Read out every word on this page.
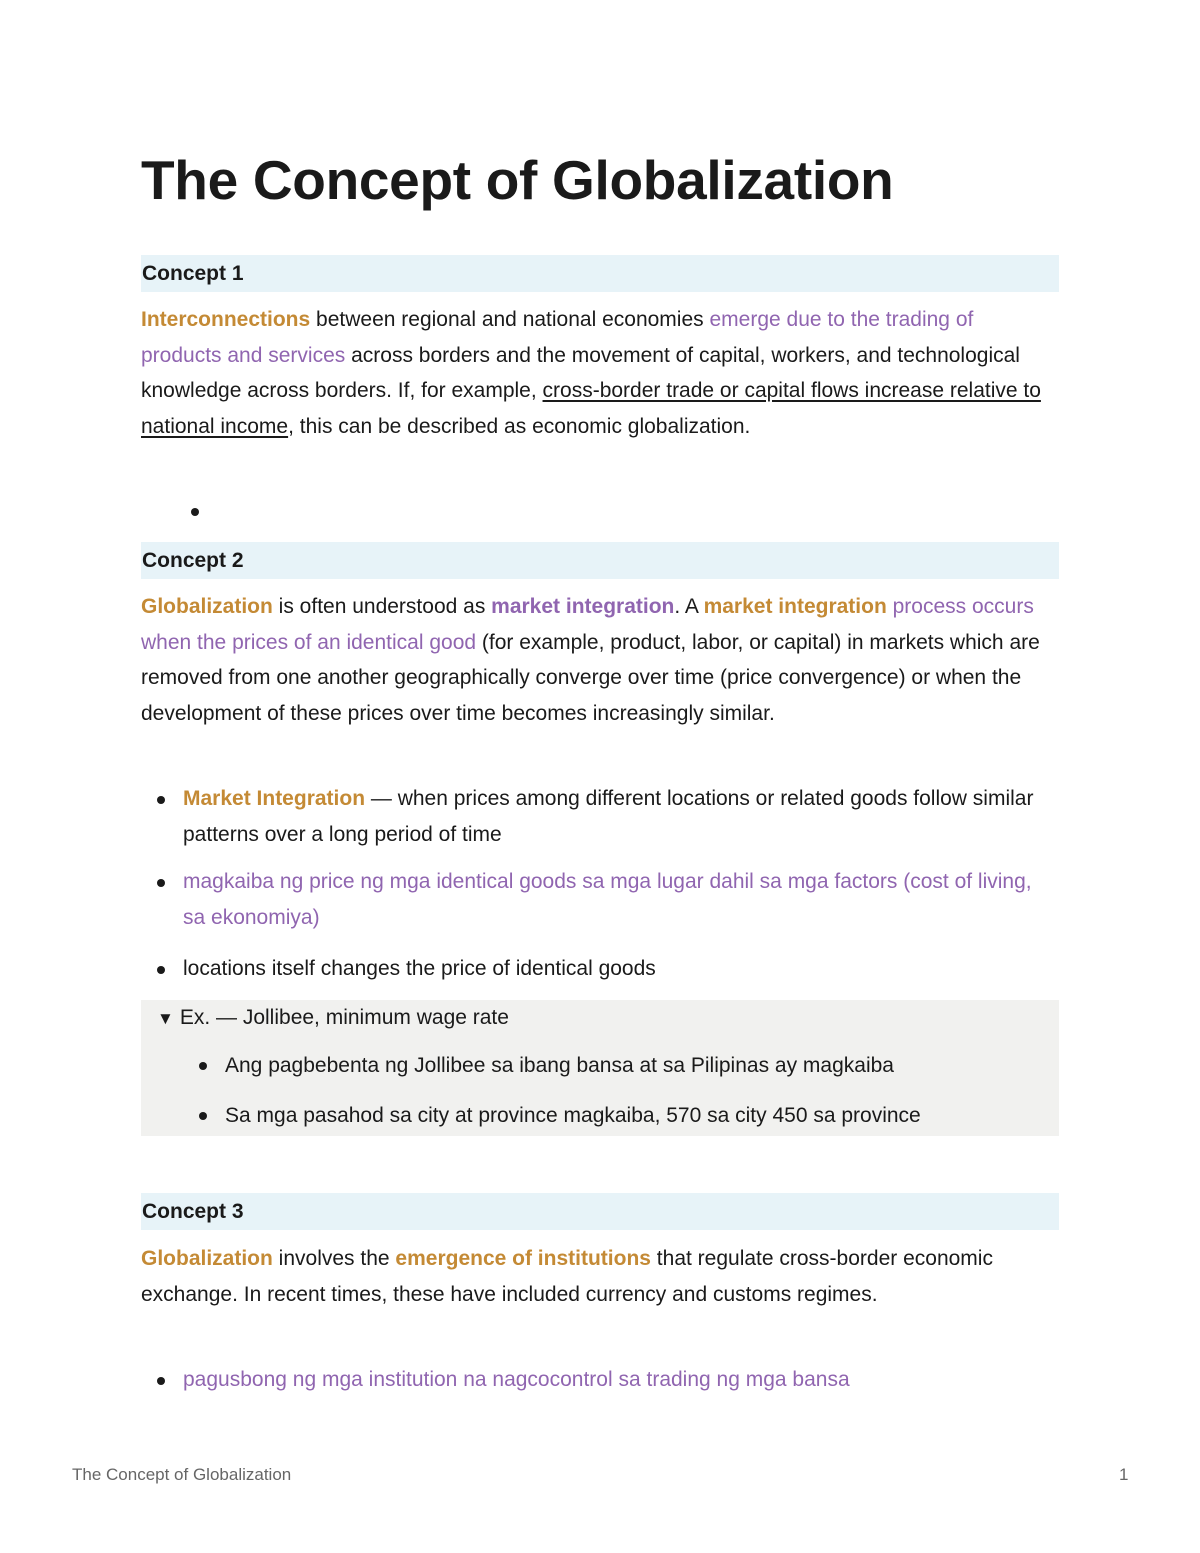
The Concept of Globalization
Concept 1

Interconnections between regional and national economies emerge due to the trading of products and services across borders and the movement of capital, workers, and technological knowledge across borders. If, for example, cross-border trade or capital flows increase relative to national income, this can be described as economic globalization.

Concept 2

Globalization is often understood as market integration. A market integration process occurs when the prices of an identical good (for example, product, labor, or capital) in markets which are removed from one another geographically converge over time (price convergence) or when the development of these prices over time becomes increasingly similar.

Market Integration — when prices among different locations or related goods follow similar patterns over a long period of time

magkaiba ng price ng mga identical goods sa mga lugar dahil sa mga factors (cost of living, sa ekonomiya)

locations itself changes the price of identical goods

▼ Ex. — Jollibee, minimum wage rate
Ang pagbebenta ng Jollibee sa ibang bansa at sa Pilipinas ay magkaiba
Sa mga pasahod sa city at province magkaiba, 570 sa city 450 sa province
Concept 3

Globalization involves the emergence of institutions that regulate cross-border economic exchange. In recent times, these have included currency and customs regimes.

pagusbong ng mga institution na nagcocontrol sa trading ng mga bansa

The Concept of Globalization	1
